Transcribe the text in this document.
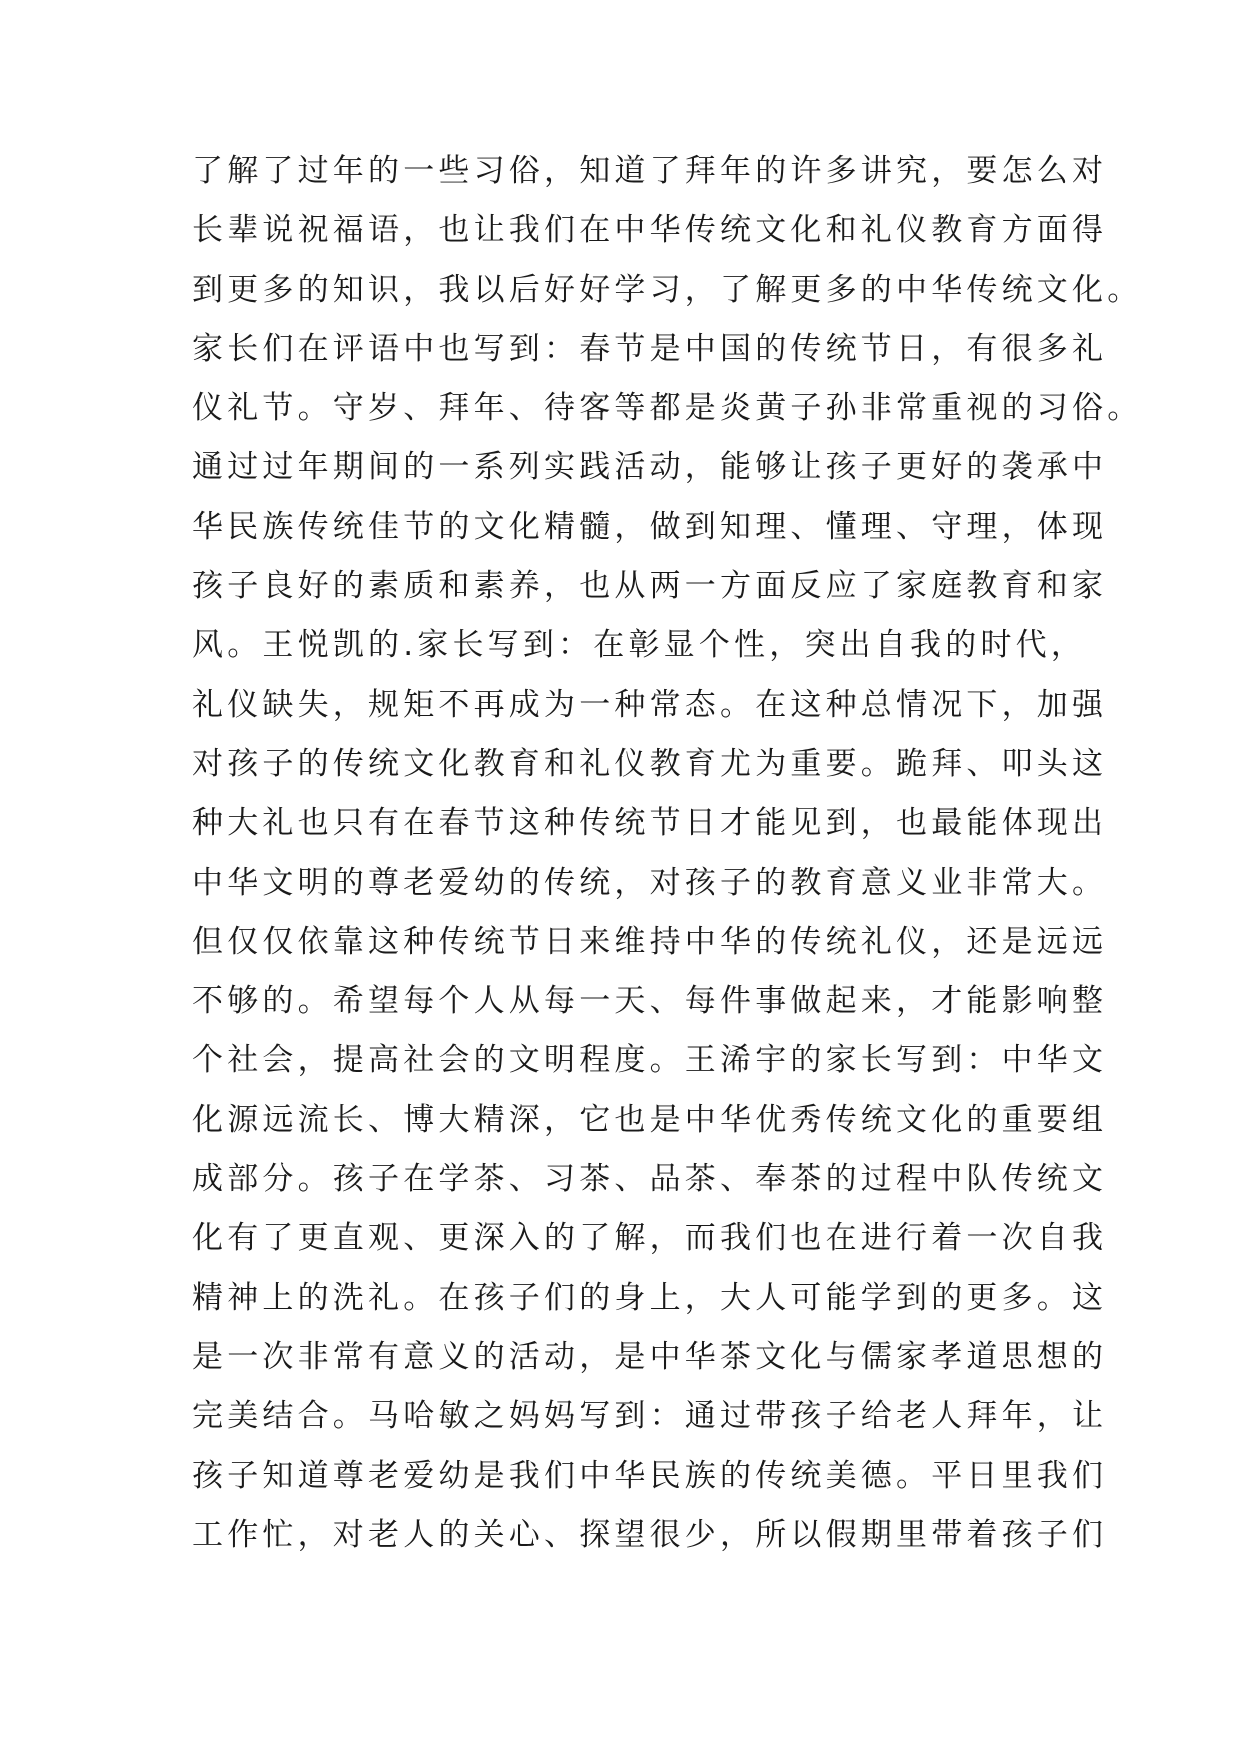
了解了过年的一些习俗，知道了拜年的许多讲究，要怎么对
长辈说祝福语，也让我们在中华传统文化和礼仪教育方面得
到更多的知识，我以后好好学习，了解更多的中华传统文化。
家长们在评语中也写到：春节是中国的传统节日，有很多礼
仪礼节。守岁、拜年、待客等都是炎黄子孙非常重视的习俗。
通过过年期间的一系列实践活动，能够让孩子更好的袭承中
华民族传统佳节的文化精髓，做到知理、懂理、守理，体现
孩子良好的素质和素养，也从两一方面反应了家庭教育和家
风。王悦凯的.家长写到：在彰显个性，突出自我的时代，
礼仪缺失，规矩不再成为一种常态。在这种总情况下，加强
对孩子的传统文化教育和礼仪教育尤为重要。跪拜、叩头这
种大礼也只有在春节这种传统节日才能见到，也最能体现出
中华文明的尊老爱幼的传统，对孩子的教育意义业非常大。
但仅仅依靠这种传统节日来维持中华的传统礼仪，还是远远
不够的。希望每个人从每一天、每件事做起来，才能影响整
个社会，提高社会的文明程度。王浠宇的家长写到：中华文
化源远流长、博大精深，它也是中华优秀传统文化的重要组
成部分。孩子在学茶、习茶、品茶、奉茶的过程中队传统文
化有了更直观、更深入的了解，而我们也在进行着一次自我
精神上的洗礼。在孩子们的身上，大人可能学到的更多。这
是一次非常有意义的活动，是中华茶文化与儒家孝道思想的
完美结合。马哈敏之妈妈写到：通过带孩子给老人拜年，让
孩子知道尊老爱幼是我们中华民族的传统美德。平日里我们
工作忙，对老人的关心、探望很少，所以假期里带着孩子们
